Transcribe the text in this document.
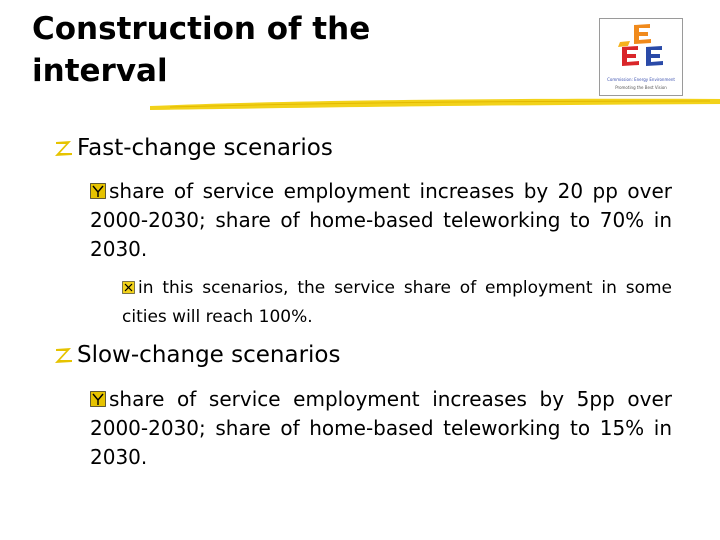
Construction of the
interval	Commission: Energy Environment
Promoting the Best Vision
Fast-change scenarios
share of service employment increases by 20 pp over 2000-2030; share of home-based teleworking to 70% in 2030.
in this scenarios, the service share of employment in some cities will reach 100%.
Slow-change scenarios
share of service employment increases by 5pp over 2000-2030; share of home-based teleworking to 15% in 2030.
